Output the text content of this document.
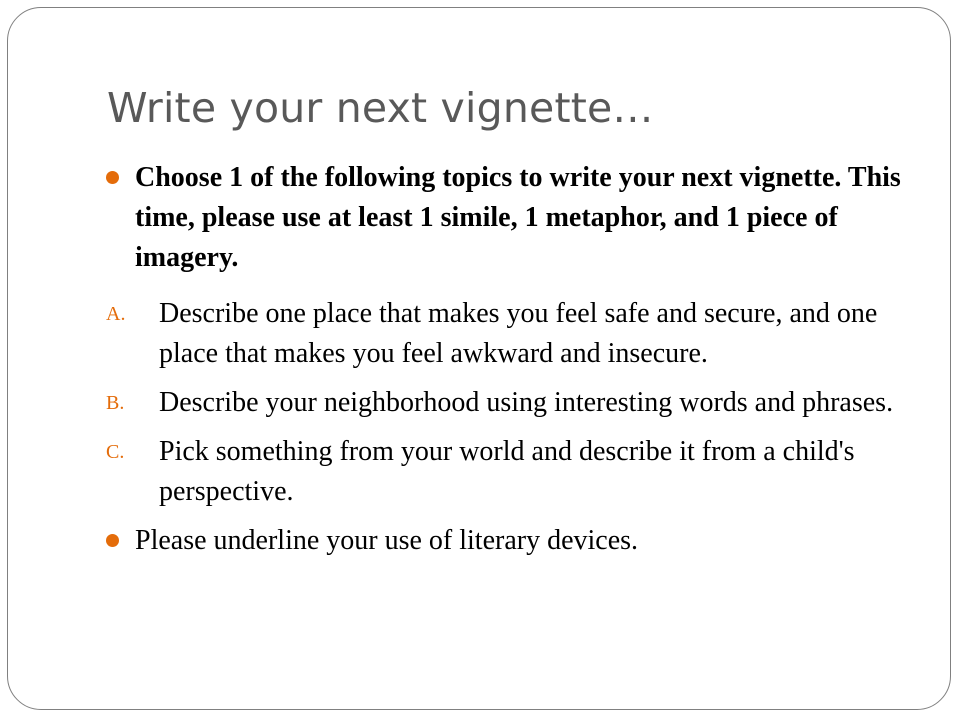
Write your next vignette…
Choose 1 of the following topics to write your next vignette. This time, please use at least 1 simile, 1 metaphor, and 1 piece of imagery.
A.	Describe one place that makes you feel safe and secure, and one place that makes you feel awkward and insecure.
B.	Describe your neighborhood using interesting words and phrases.
C.	Pick something from your world and describe it from a child's perspective.
Please underline your use of literary devices.
